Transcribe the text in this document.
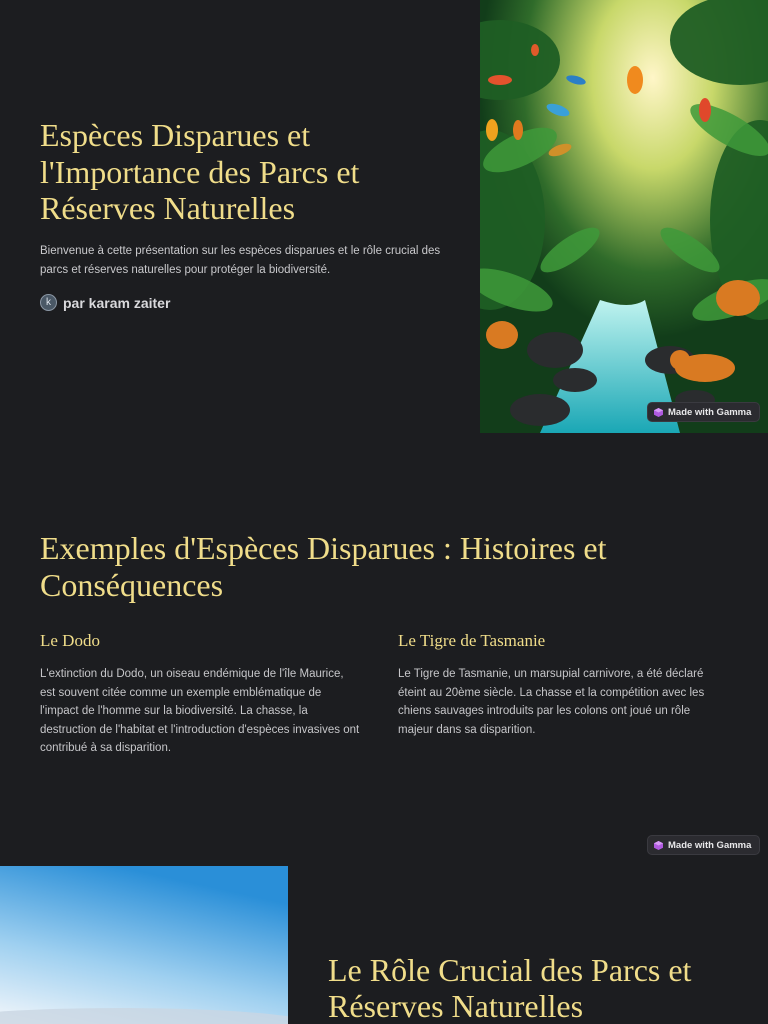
Espèces Disparues et l'Importance des Parcs et Réserves Naturelles

Bienvenue à cette présentation sur les espèces disparues et le rôle crucial des parcs et réserves naturelles pour protéger la biodiversité.

k par karam zaiter
Made with Gamma
Exemples d'Espèces Disparues : Histoires et Conséquences
Le Dodo

L'extinction du Dodo, un oiseau endémique de l'île Maurice, est souvent citée comme un exemple emblématique de l'impact de l'homme sur la biodiversité. La chasse, la destruction de l'habitat et l'introduction d'espèces invasives ont contribué à sa disparition.

Le Tigre de Tasmanie

Le Tigre de Tasmanie, un marsupial carnivore, a été déclaré éteint au 20ème siècle. La chasse et la compétition avec les chiens sauvages introduits par les colons ont joué un rôle majeur dans sa disparition.

Made with Gamma
Le Rôle Crucial des Parcs et Réserves Naturelles
